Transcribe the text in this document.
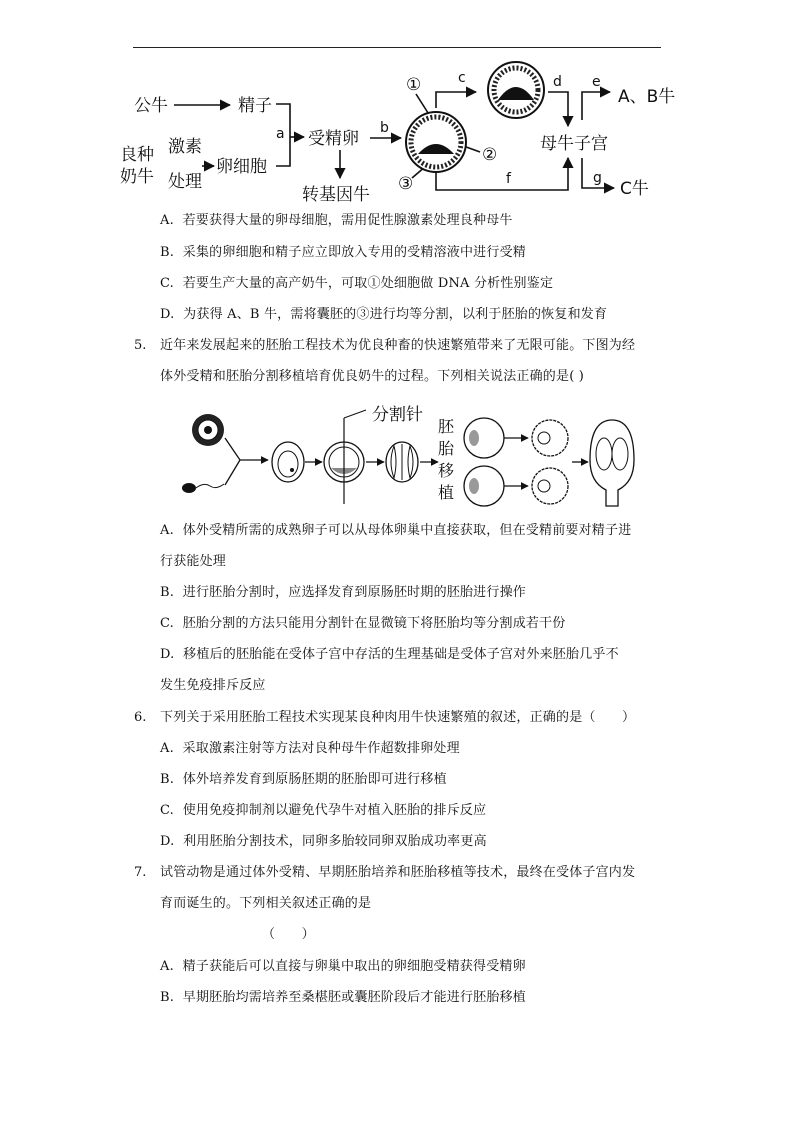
公牛	精子
良种
奶牛
激素
处理
卵细胞
受精卵
转基因牛
母牛子宫
A、B牛
C牛
a	b
c	d e
f	g
①
②
③
A. 若要获得大量的卵母细胞，需用促性腺激素处理良种母牛
B. 采集的卵细胞和精子应立即放入专用的受精溶液中进行受精
C. 若要生产大量的高产奶牛，可取①处细胞做 DNA 分析性别鉴定
D. 为获得 A、B 牛，需将囊胚的③进行均等分割，以利于胚胎的恢复和发育
5. 近年来发展起来的胚胎工程技术为优良种畜的快速繁殖带来了无限可能。下图为经
体外受精和胚胎分割移植培育优良奶牛的过程。下列相关说法正确的是( )
分割针
胚
胎
移
植
A. 体外受精所需的成熟卵子可以从母体卵巢中直接获取，但在受精前要对精子进
行获能处理
B. 进行胚胎分割时，应选择发育到原肠胚时期的胚胎进行操作
C. 胚胎分割的方法只能用分割针在显微镜下将胚胎均等分割成若干份
D. 移植后的胚胎能在受体子宫中存活的生理基础是受体子宫对外来胚胎几乎不
发生免疫排斥反应
6. 下列关于采用胚胎工程技术实现某良种肉用牛快速繁殖的叙述，正确的是（　　）
A. 采取激素注射等方法对良种母牛作超数排卵处理
B. 体外培养发育到原肠胚期的胚胎即可进行移植
C. 使用免疫抑制剂以避免代孕牛对植入胚胎的排斥反应
D. 利用胚胎分割技术，同卵多胎较同卵双胎成功率更高
7. 试管动物是通过体外受精、早期胚胎培养和胚胎移植等技术，最终在受体子宫内发
育而诞生的。下列相关叙述正确的是
（　　）
A. 精子获能后可以直接与卵巢中取出的卵细胞受精获得受精卵
B. 早期胚胎均需培养至桑椹胚或囊胚阶段后才能进行胚胎移植
